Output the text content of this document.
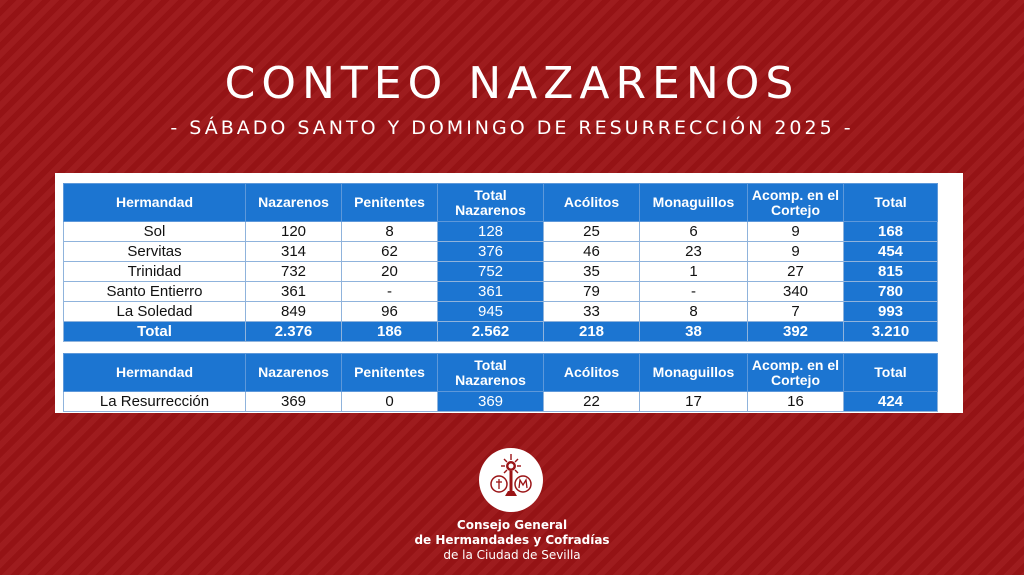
CONTEO NAZARENOS
- SÁBADO SANTO Y DOMINGO DE RESURRECCIÓN 2025 -
Hermandad	Nazarenos	Penitentes	Total Nazarenos	Acólitos	Monaguillos	Acomp. en el Cortejo	Total
Sol	120	8	128	25	6	9	168
Servitas	314	62	376	46	23	9	454
Trinidad	732	20	752	35	1	27	815
Santo Entierro	361	-	361	79	-	340	780
La Soledad	849	96	945	33	8	7	993
Total	2.376	186	2.562	218	38	392	3.210
Hermandad	Nazarenos	Penitentes	Total Nazarenos	Acólitos	Monaguillos	Acomp. en el Cortejo	Total
La Resurrección	369	0	369	22	17	16	424
Consejo General
de Hermandades y Cofradías
de la Ciudad de Sevilla
